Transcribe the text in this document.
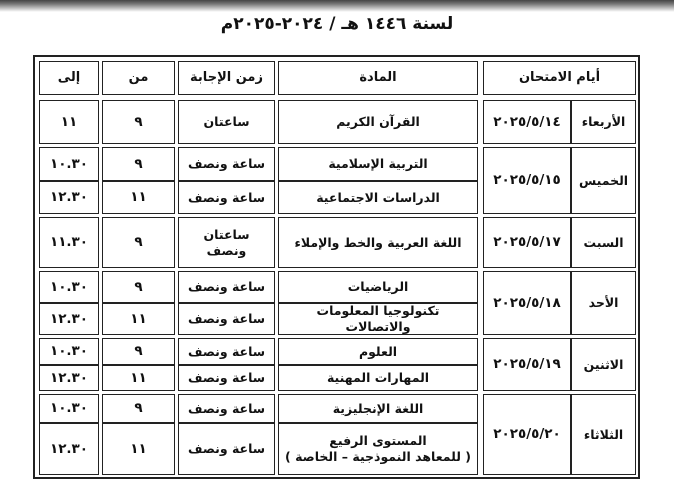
لسنة ١٤٤٦ هـ / ٢٠٢٤-٢٠٢٥م
أيام الامتحان
المادة
زمن الإجابة
من
إلى
الأربعاء
٢٠٢٥/٥/١٤
القرآن الكريم
ساعتان
٩
١١
الخميس
٢٠٢٥/٥/١٥
التربية الإسلامية
ساعة ونصف
٩
١٠.٣٠
الدراسات الاجتماعية
ساعة ونصف
١١
١٢.٣٠
السبت
٢٠٢٥/٥/١٧
اللغة العربية والخط والإملاء
ساعتان ونصف
٩
١١.٣٠
الأحد
٢٠٢٥/٥/١٨
الرياضيات
ساعة ونصف
٩
١٠.٣٠
تكنولوجيا المعلومات والاتصالات
ساعة ونصف
١١
١٢.٣٠
الاثنين
٢٠٢٥/٥/١٩
العلوم
ساعة ونصف
٩
١٠.٣٠
المهارات المهنية
ساعة ونصف
١١
١٢.٣٠
الثلاثاء
٢٠٢٥/٥/٢٠
اللغة الإنجليزية
ساعة ونصف
٩
١٠.٣٠
المستوى الرفيع
( للمعاهد النموذجية – الخاصة )
ساعة ونصف
١١
١٢.٣٠
